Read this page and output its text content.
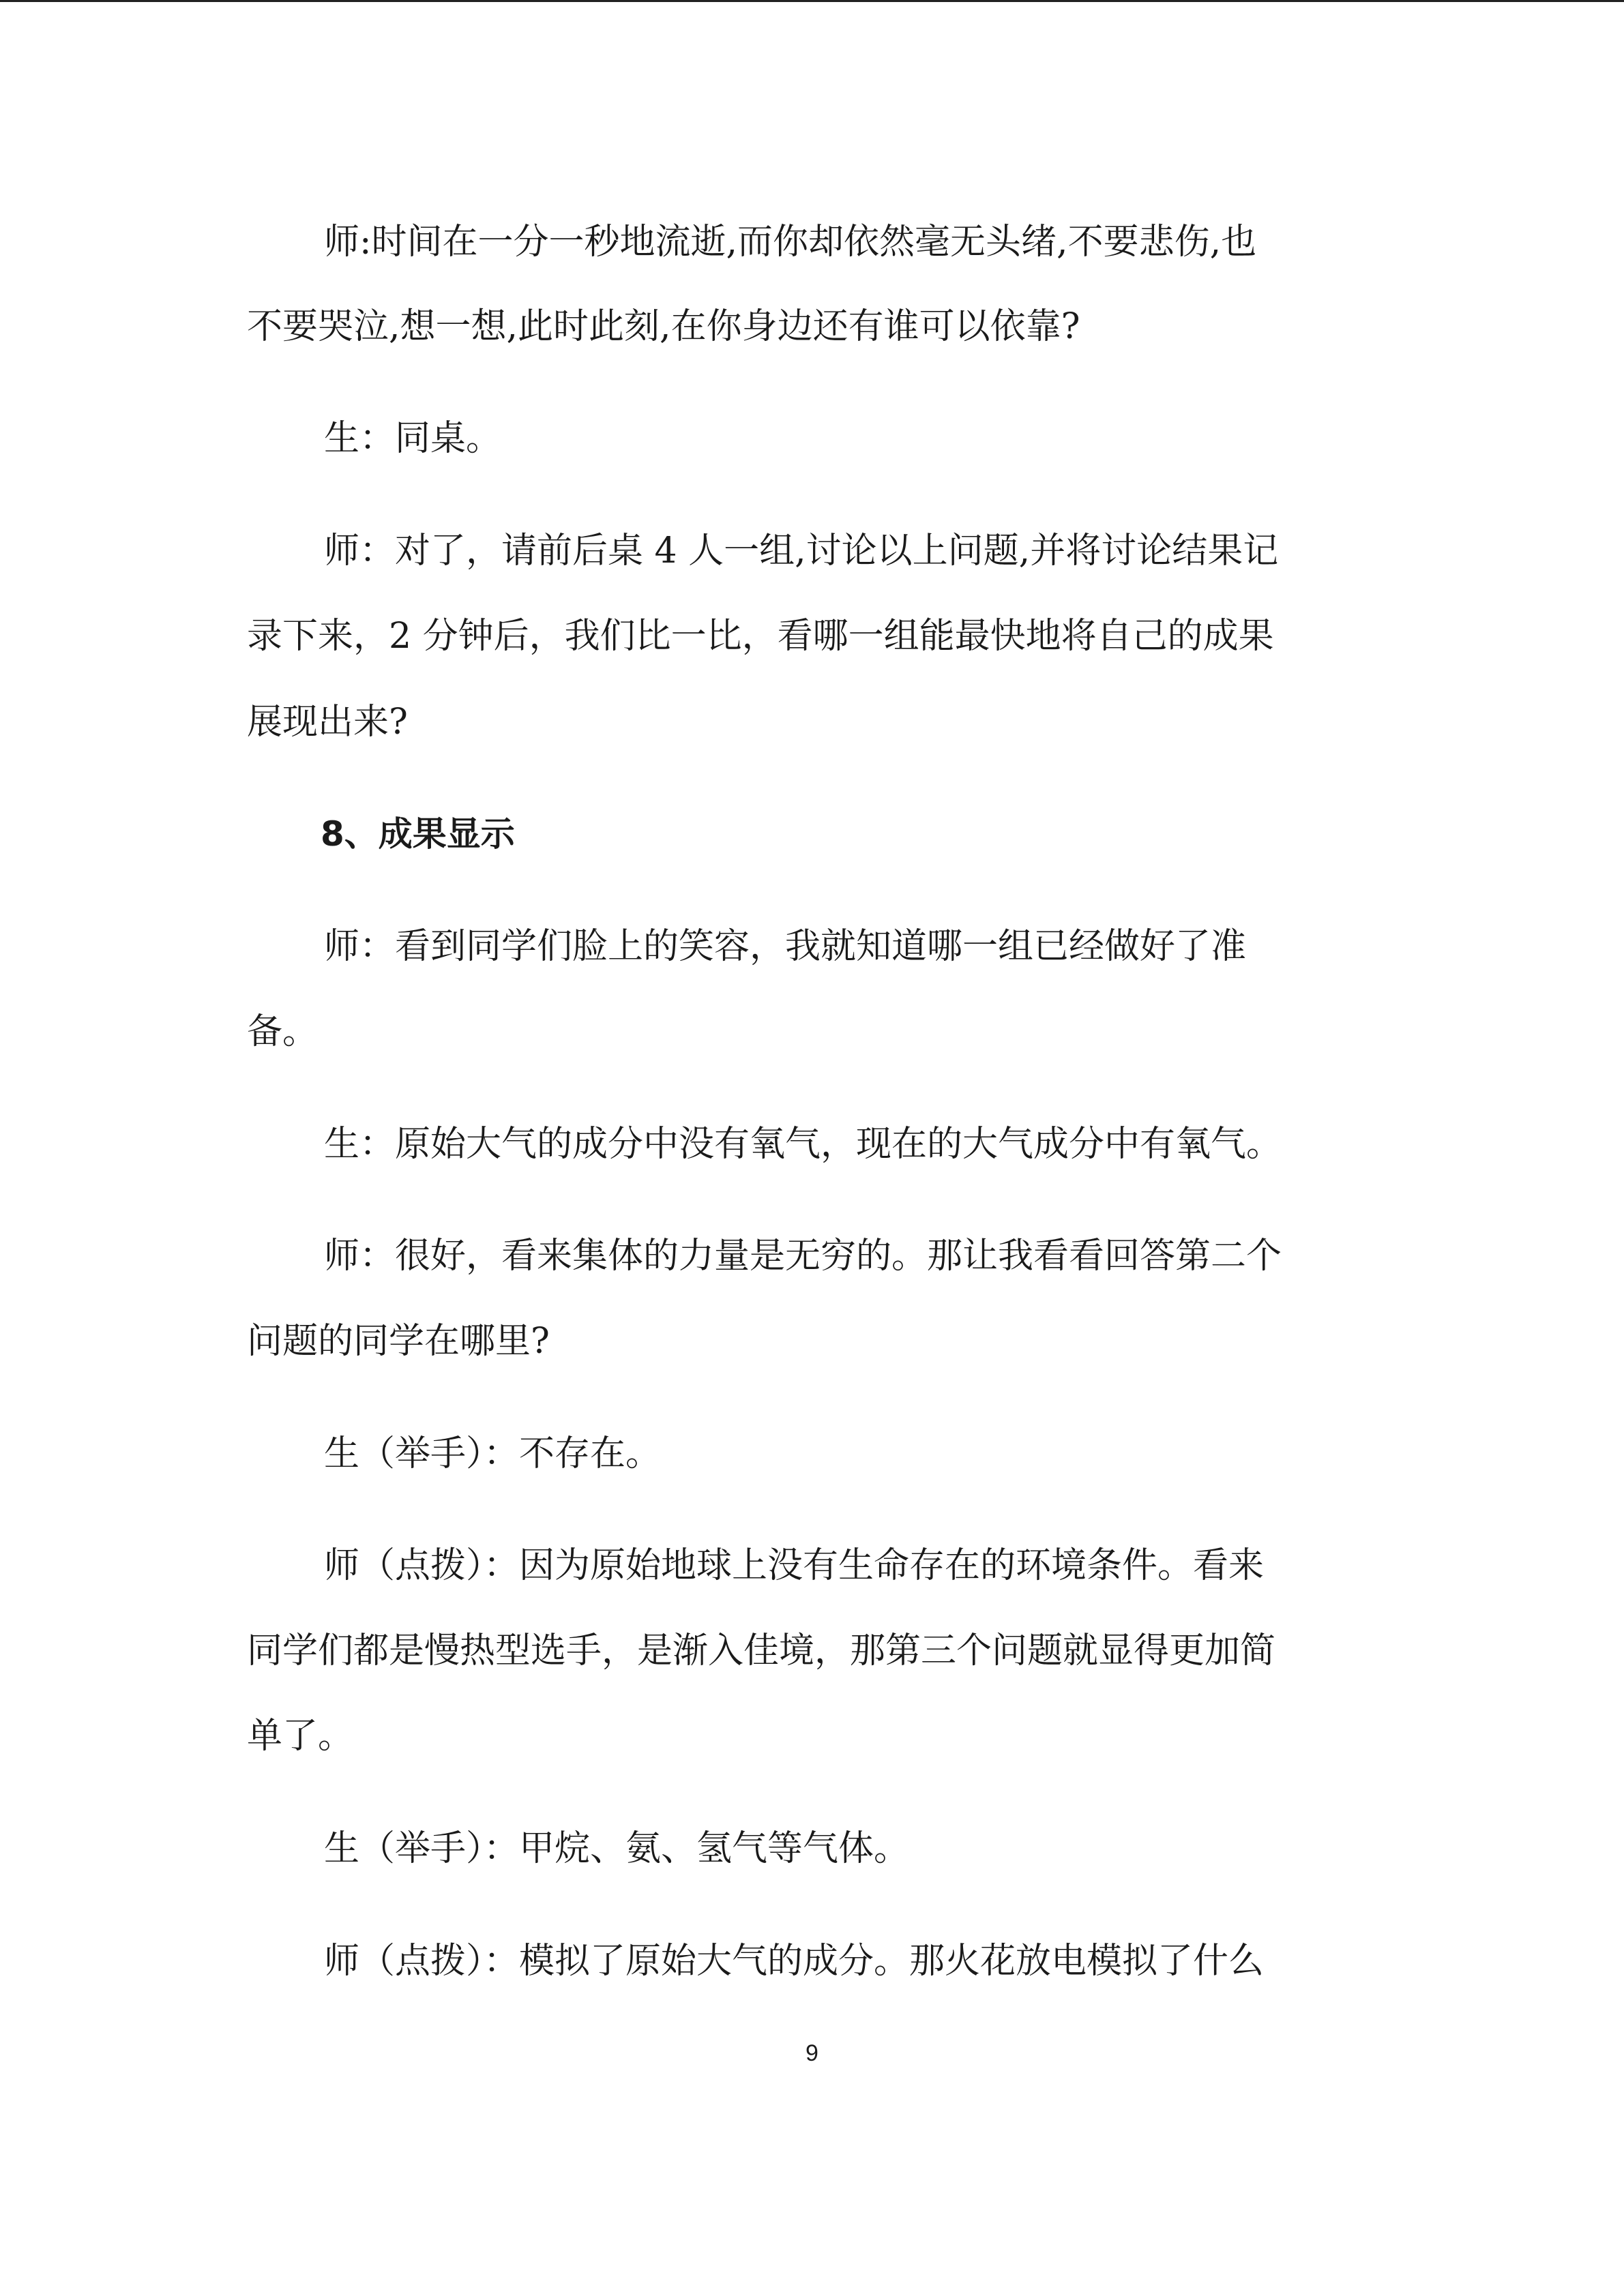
师:时间在一分一秒地流逝,而你却依然毫无头绪,不要悲伤,也

不要哭泣,想一想,此时此刻,在你身边还有谁可以依靠?

生：同桌。

师：对了，请前后桌 4 人一组,讨论以上问题,并将讨论结果记

录下来，2 分钟后，我们比一比，看哪一组能最快地将自己的成果

展现出来?

8、成果显示

师：看到同学们脸上的笑容，我就知道哪一组已经做好了准

备。

生：原始大气的成分中没有氧气，现在的大气成分中有氧气。

师：很好，看来集体的力量是无穷的。那让我看看回答第二个

问题的同学在哪里?

生（举手）：不存在。

师（点拨）：因为原始地球上没有生命存在的环境条件。看来

同学们都是慢热型选手，是渐入佳境，那第三个问题就显得更加简

单了。

生（举手）：甲烷、氨、氢气等气体。

师（点拨）：模拟了原始大气的成分。那火花放电模拟了什么

9
